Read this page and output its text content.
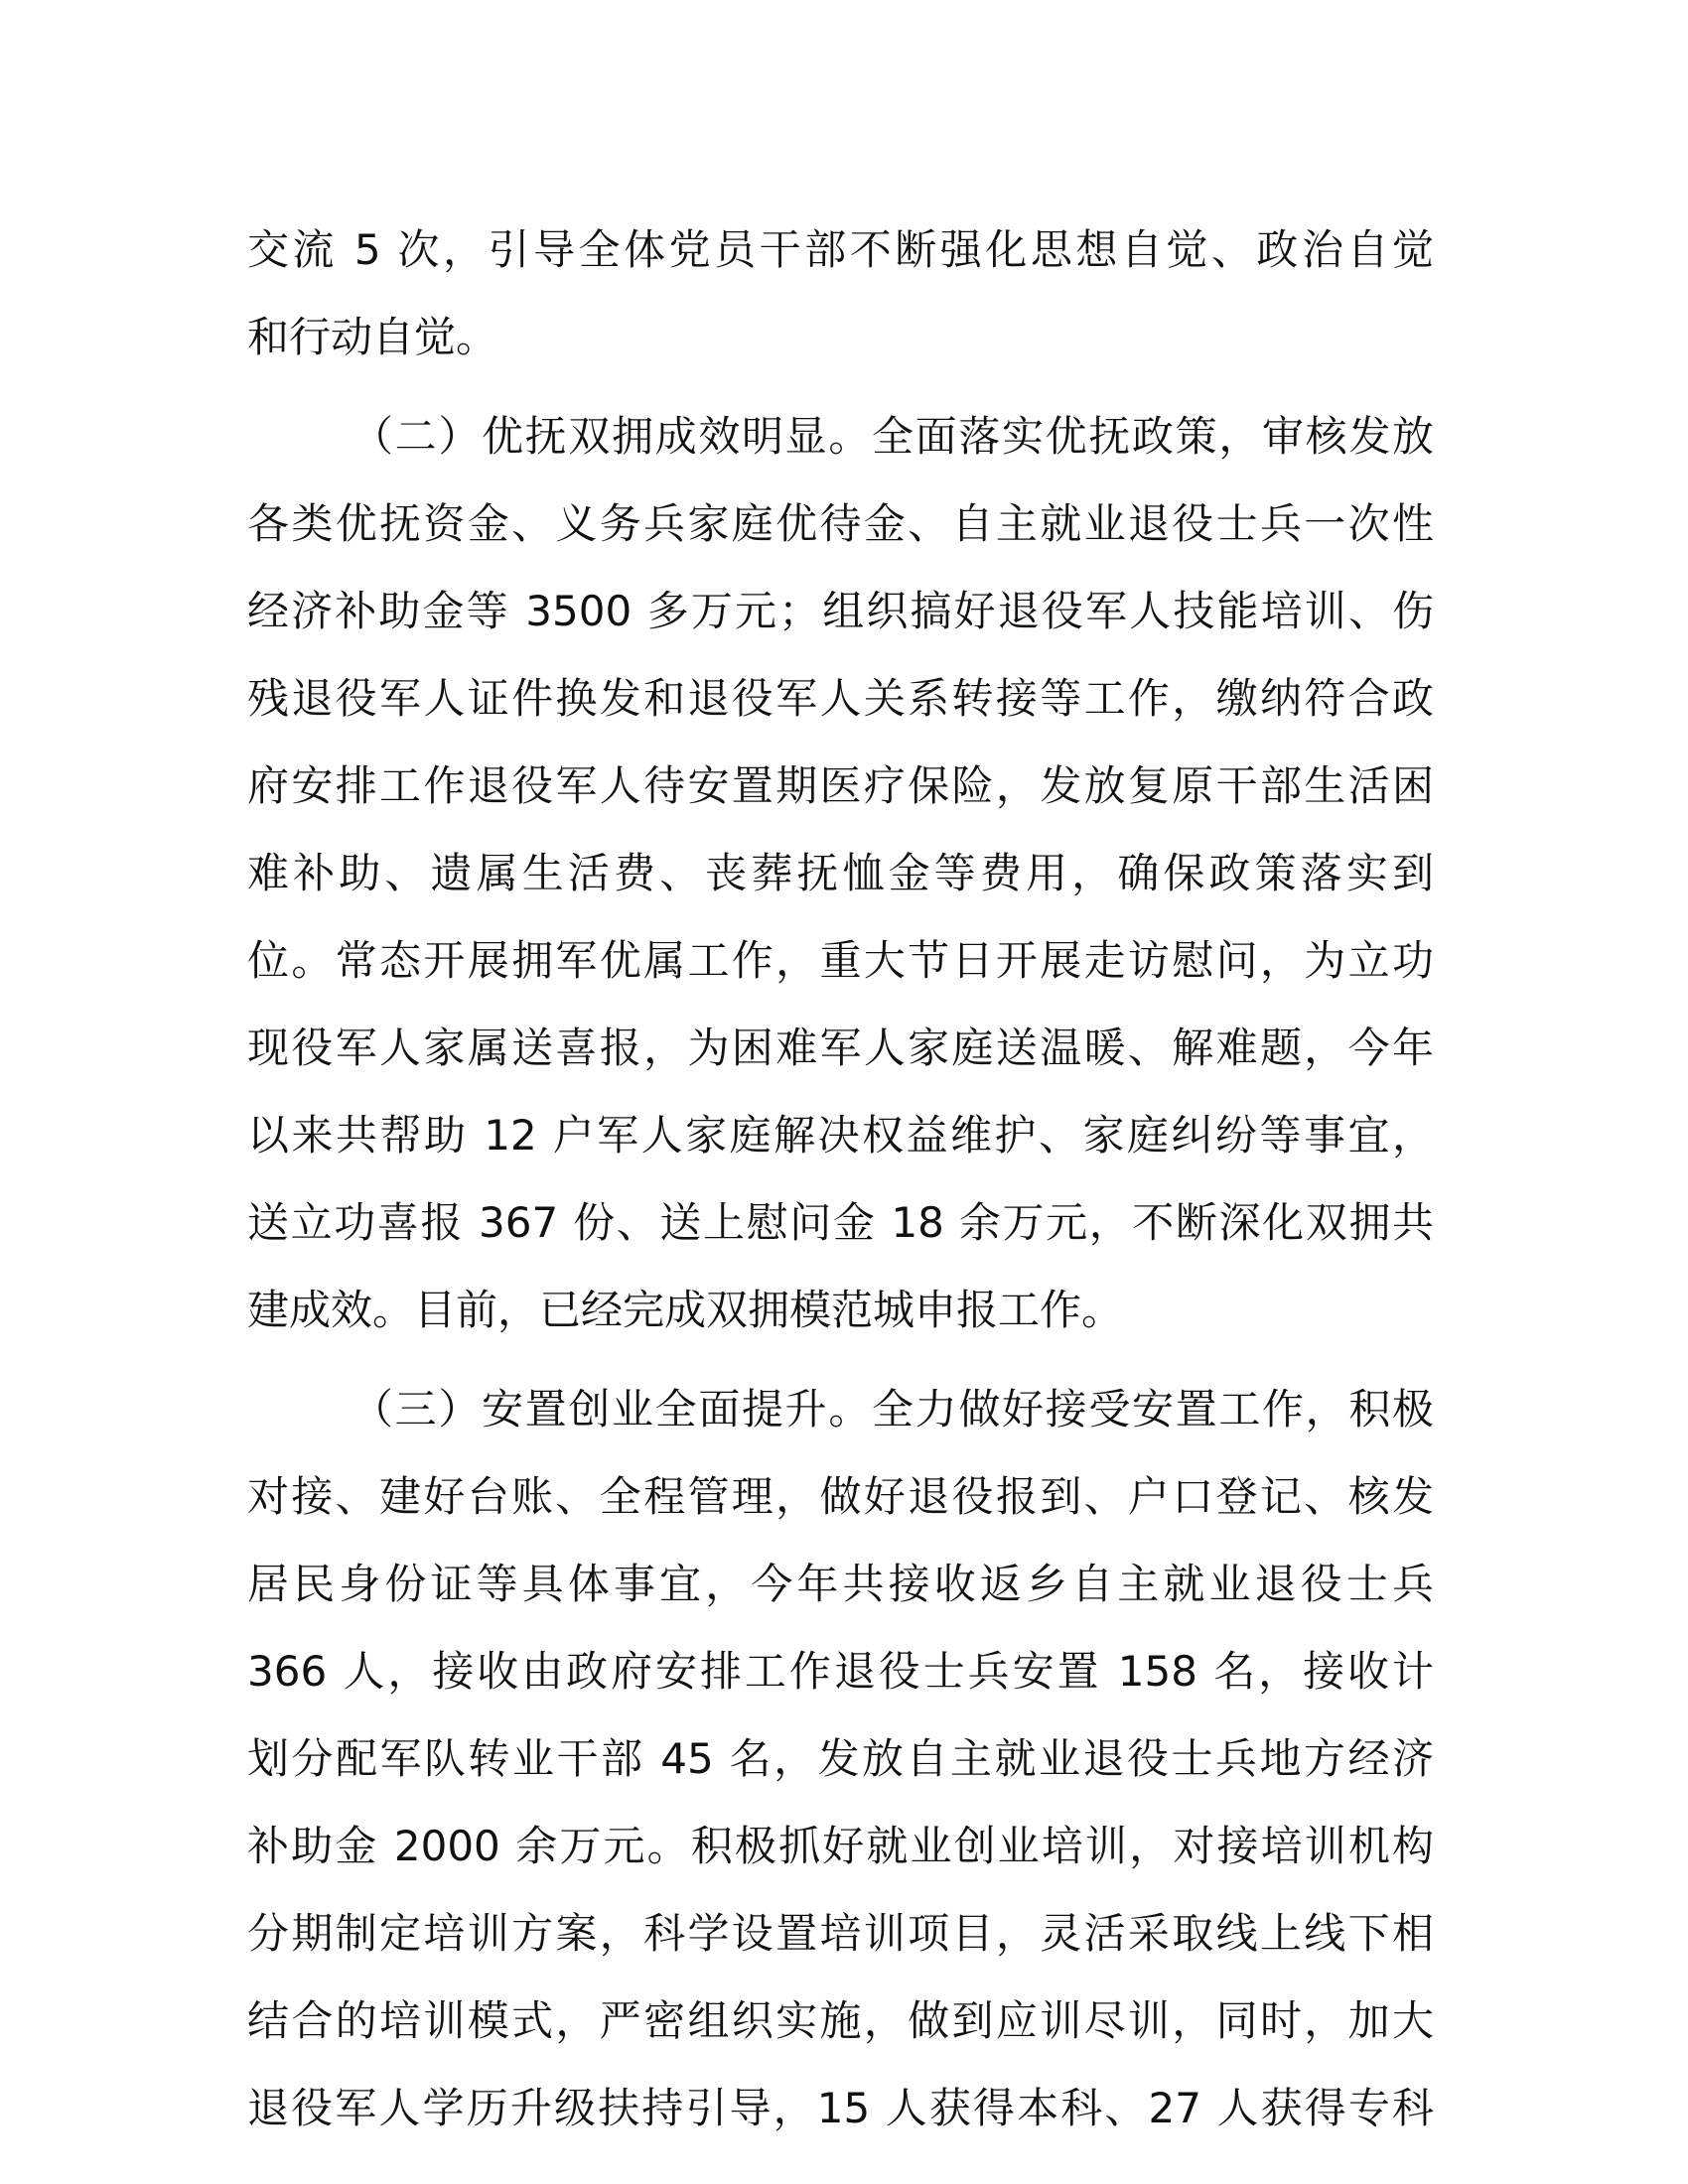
交流 5 次，引导全体党员干部不断强化思想自觉、政治自觉
和行动自觉。
（二）优抚双拥成效明显。全面落实优抚政策，审核发放
各类优抚资金、义务兵家庭优待金、自主就业退役士兵一次性
经济补助金等 3500 多万元；组织搞好退役军人技能培训、伤
残退役军人证件换发和退役军人关系转接等工作，缴纳符合政
府安排工作退役军人待安置期医疗保险，发放复原干部生活困
难补助、遗属生活费、丧葬抚恤金等费用，确保政策落实到
位。常态开展拥军优属工作，重大节日开展走访慰问，为立功
现役军人家属送喜报，为困难军人家庭送温暖、解难题，今年
以来共帮助 12 户军人家庭解决权益维护、家庭纠纷等事宜，
送立功喜报 367 份、送上慰问金 18 余万元，不断深化双拥共
建成效。目前，已经完成双拥模范城申报工作。
（三）安置创业全面提升。全力做好接受安置工作，积极
对接、建好台账、全程管理，做好退役报到、户口登记、核发
居民身份证等具体事宜，今年共接收返乡自主就业退役士兵
366 人，接收由政府安排工作退役士兵安置 158 名，接收计
划分配军队转业干部 45 名，发放自主就业退役士兵地方经济
补助金 2000 余万元。积极抓好就业创业培训，对接培训机构
分期制定培训方案，科学设置培训项目，灵活采取线上线下相
结合的培训模式，严密组织实施，做到应训尽训，同时，加大
退役军人学历升级扶持引导，15 人获得本科、27 人获得专科
